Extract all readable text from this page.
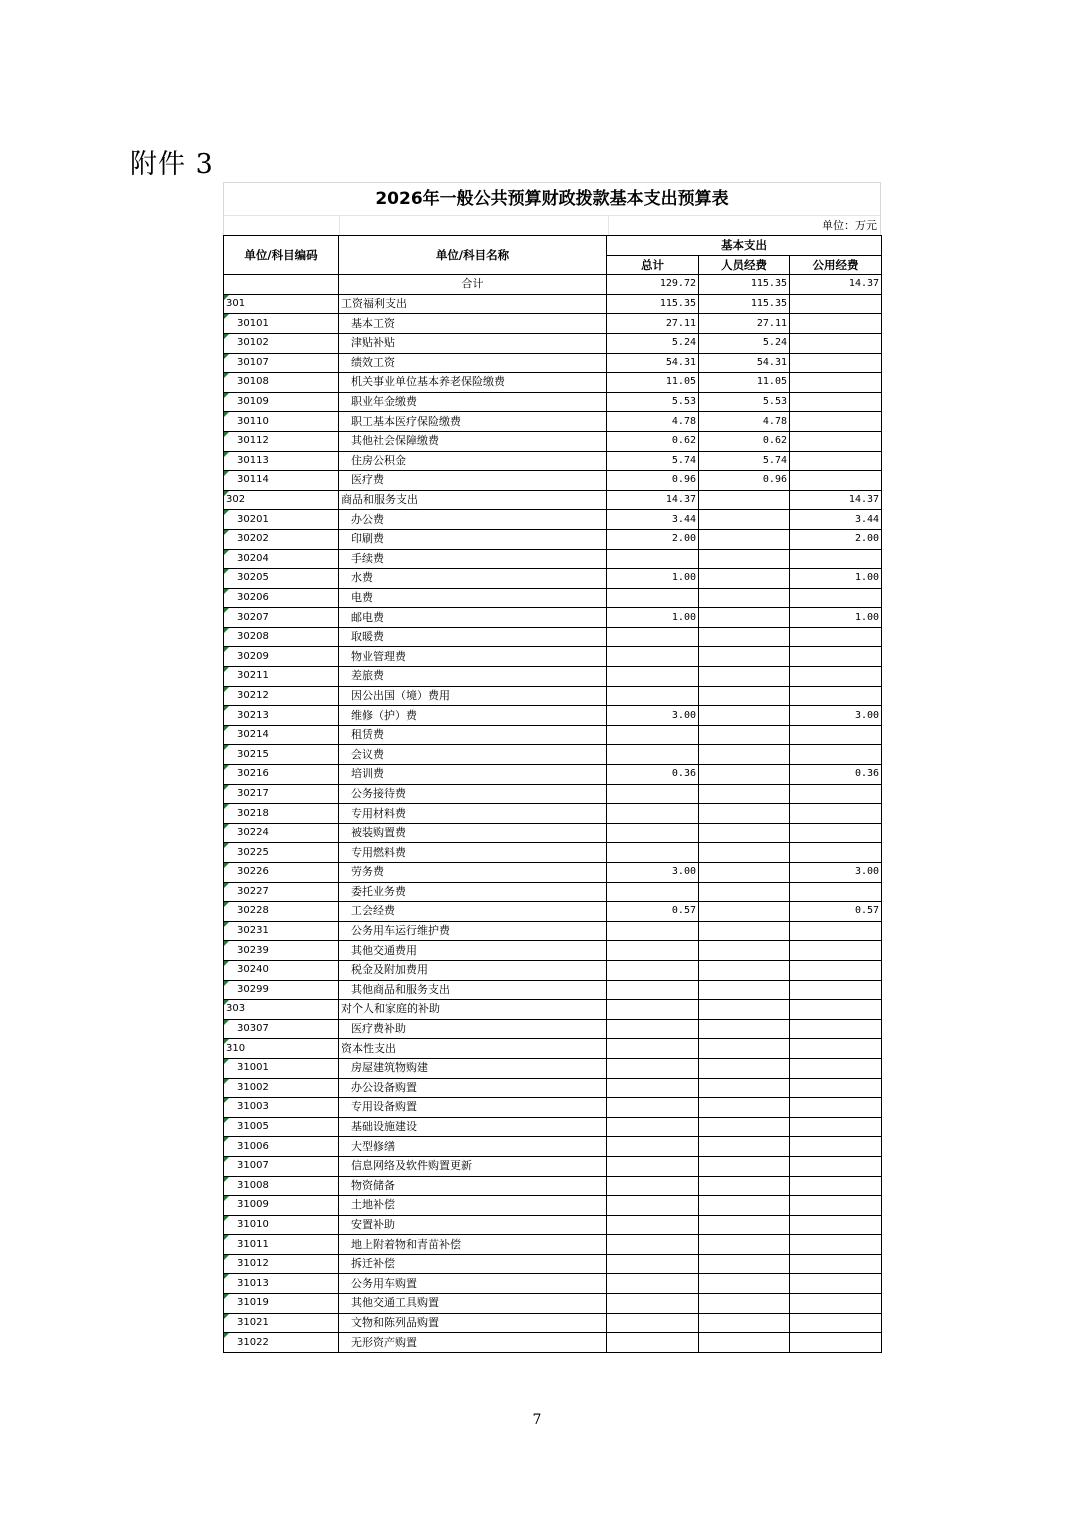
附件 3
2026年一般公共预算财政拨款基本支出预算表
单位：万元
单位/科目编码	单位/科目名称	基本支出		
		总计	人员经费	公用经费
	合计	129.72	115.35	14.37
301	工资福利支出	115.35	115.35	
30101	基本工资	27.11	27.11	
30102	津贴补贴	5.24	5.24	
30107	绩效工资	54.31	54.31	
30108	机关事业单位基本养老保险缴费	11.05	11.05	
30109	职业年金缴费	5.53	5.53	
30110	职工基本医疗保险缴费	4.78	4.78	
30112	其他社会保障缴费	0.62	0.62	
30113	住房公积金	5.74	5.74	
30114	医疗费	0.96	0.96	
302	商品和服务支出	14.37		14.37
30201	办公费	3.44		3.44
30202	印刷费	2.00		2.00
30204	手续费			
30205	水费	1.00		1.00
30206	电费			
30207	邮电费	1.00		1.00
30208	取暖费			
30209	物业管理费			
30211	差旅费			
30212	因公出国（境）费用			
30213	维修（护）费	3.00		3.00
30214	租赁费			
30215	会议费			
30216	培训费	0.36		0.36
30217	公务接待费			
30218	专用材料费			
30224	被装购置费			
30225	专用燃料费			
30226	劳务费	3.00		3.00
30227	委托业务费			
30228	工会经费	0.57		0.57
30231	公务用车运行维护费			
30239	其他交通费用			
30240	税金及附加费用			
30299	其他商品和服务支出			
303	对个人和家庭的补助			
30307	医疗费补助			
310	资本性支出			
31001	房屋建筑物购建			
31002	办公设备购置			
31003	专用设备购置			
31005	基础设施建设			
31006	大型修缮			
31007	信息网络及软件购置更新			
31008	物资储备			
31009	土地补偿			
31010	安置补助			
31011	地上附着物和青苗补偿			
31012	拆迁补偿			
31013	公务用车购置			
31019	其他交通工具购置			
31021	文物和陈列品购置			
31022	无形资产购置			
7
